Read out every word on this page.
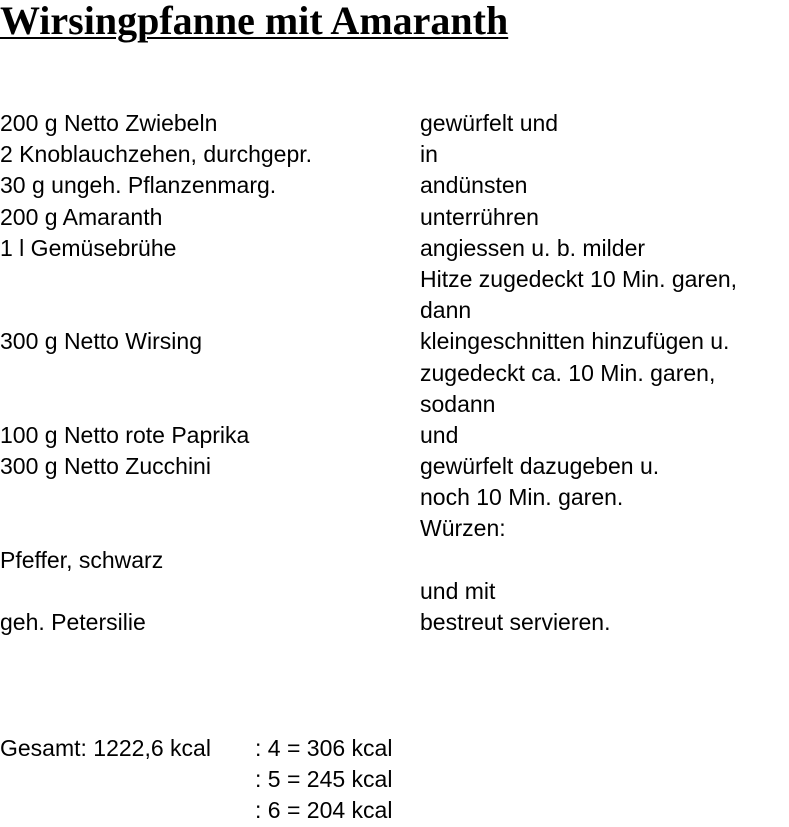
Wirsingpfanne mit Amaranth
200 g Netto Zwiebeln	gewürfelt und
2 Knoblauchzehen, durchgepr.	in
30 g ungeh. Pflanzenmarg.	andünsten
200 g Amaranth	unterrühren
1 l Gemüsebrühe	angiessen u. b. milder
Hitze zugedeckt 10 Min. garen,
dann
300 g Netto Wirsing	kleingeschnitten hinzufügen u.
zugedeckt ca. 10 Min. garen,
sodann
100 g Netto rote Paprika	und
300 g Netto Zucchini	gewürfelt dazugeben u.
noch 10 Min. garen.
Würzen:
Pfeffer, schwarz
und mit
geh. Petersilie	bestreut servieren.
Gesamt: 1222,6 kcal : 4 = 306 kcal
: 5 = 245 kcal
: 6 = 204 kcal
